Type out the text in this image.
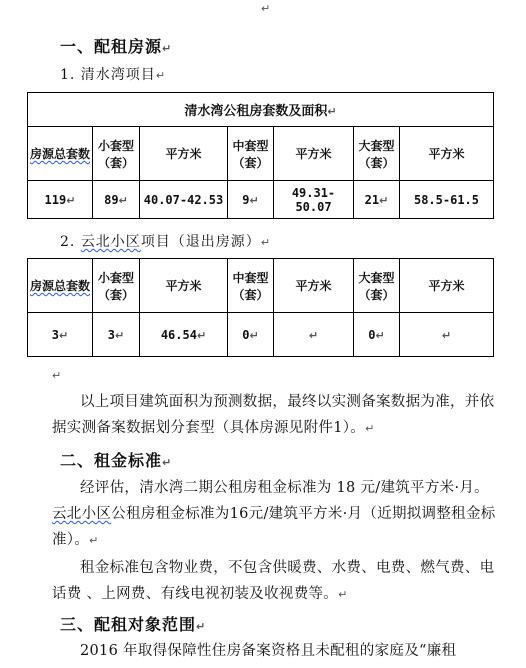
↵
一、配租房源↵

1. 清水湾项目↵

清水湾公租房套数及面积↵						
房源总套数	小套型（套）	平方米	中套型（套）	平方米	大套型（套）	平方米
119↵	89↵	40.07-42.53	9↵	49.31-50.07	21↵	58.5-61.5

2. 云北小区项目（退出房源）↵

房源总套数	小套型（套）	平方米	中套型（套）	平方米	大套型（套）	平方米
3↵	3↵	46.54↵	0↵	↵	0↵	↵
↵

以上项目建筑面积为预测数据，最终以实测备案数据为准，并依据实测备案数据划分套型（具体房源见附件1）。↵

二、租金标准↵

经评估，清水湾二期公租房租金标准为 18 元/建筑平方米·月。云北小区公租房租金标准为16元/建筑平方米·月（近期拟调整租金标准）。↵

租金标准包含物业费，不包含供暖费、水费、电费、燃气费、电话费 、上网费、有线电视初装及收视费等。↵

三、配租对象范围↵

2016 年取得保障性住房备案资格且未配租的家庭及“廉租
